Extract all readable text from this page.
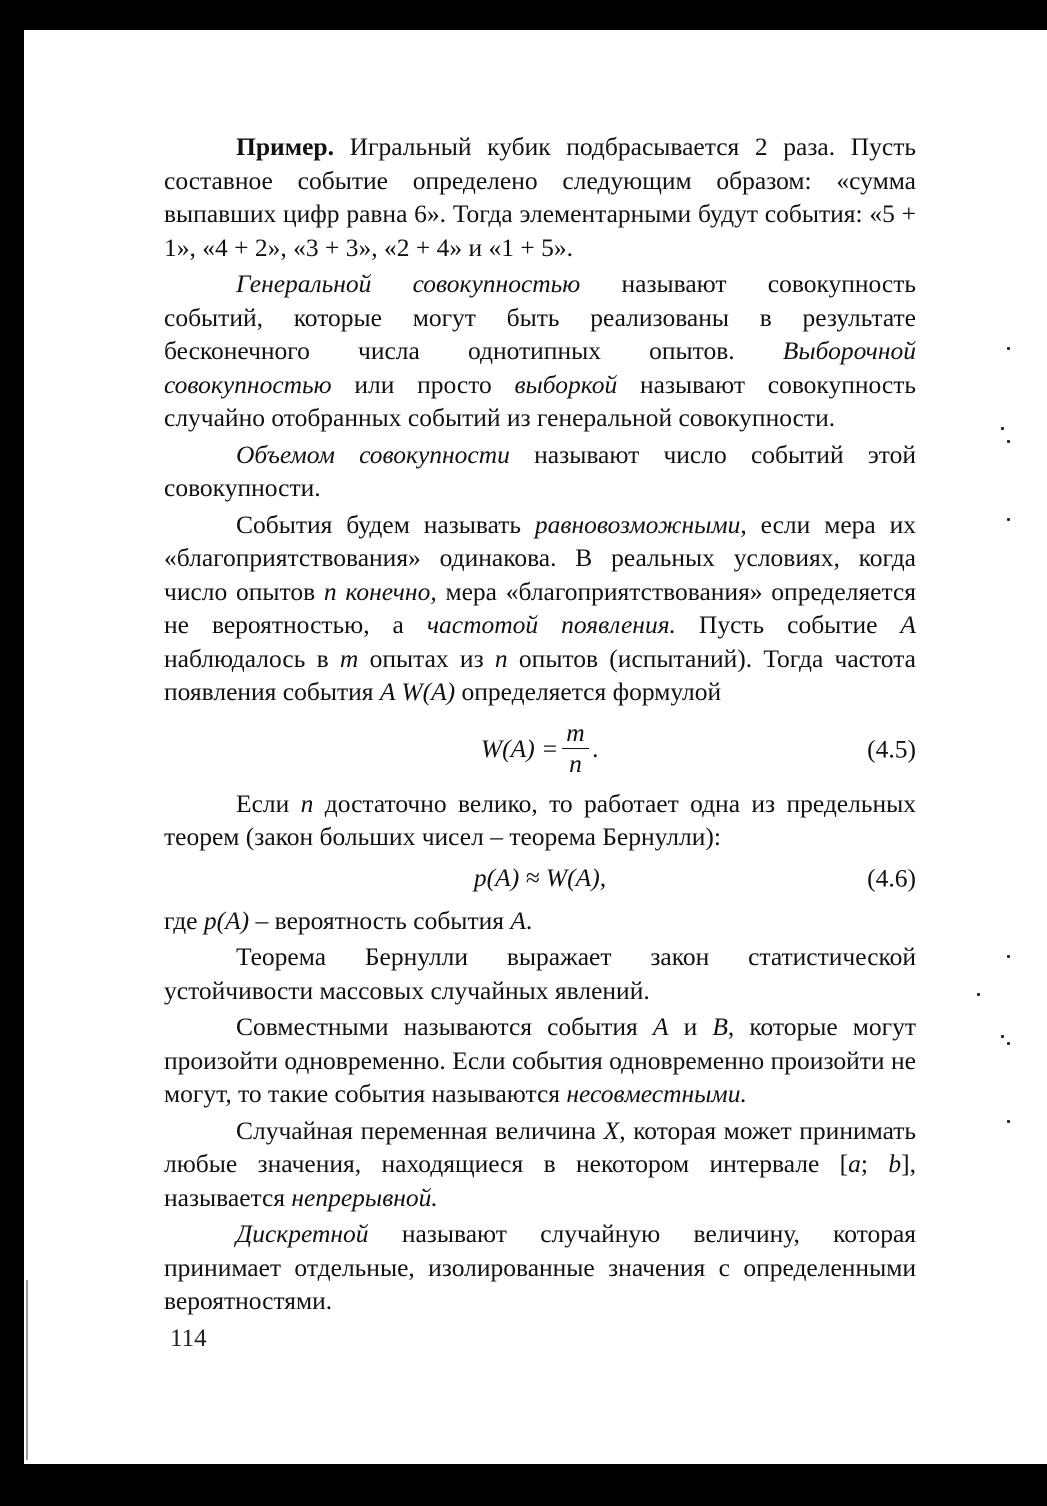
Пример. Игральный кубик подбрасывается 2 раза. Пусть составное событие определено следующим образом: «сумма выпавших цифр равна 6». Тогда элементарными будут события: «5 + 1», «4 + 2», «3 + 3», «2 + 4» и «1 + 5».

Генеральной совокупностью называют совокупность событий, которые могут быть реализованы в результате бесконечного числа однотипных опытов. Выборочной совокупностью или просто выборкой называют совокупность случайно отобранных событий из генеральной совокупности.

Объемом совокупности называют число событий этой совокупности.

События будем называть равновозможными, если мера их «благоприятствования» одинакова. В реальных условиях, когда число опытов n конечно, мера «благоприятствования» определяется не вероятностью, а частотой появления. Пусть событие A наблюдалось в m опытах из n опытов (испытаний). Тогда частота появления события A W(A) определяется формулой

$W(A) = \frac{m}{n}$ .	(4.5)

Если n достаточно велико, то работает одна из предельных теорем (закон больших чисел – теорема Бернулли):

p(A) ≈ W(A),	(4.6)

где p(A) – вероятность события A.

Теорема Бернулли выражает закон статистической устойчивости массовых случайных явлений.

Совместными называются события A и B, которые могут произойти одновременно. Если события одновременно произойти не могут, то такие события называются несовместными.

Случайная переменная величина X, которая может принимать любые значения, находящиеся в некотором интервале [a; b], называется непрерывной.

Дискретной называют случайную величину, которая принимает отдельные, изолированные значения с определенными вероятностями.

114
